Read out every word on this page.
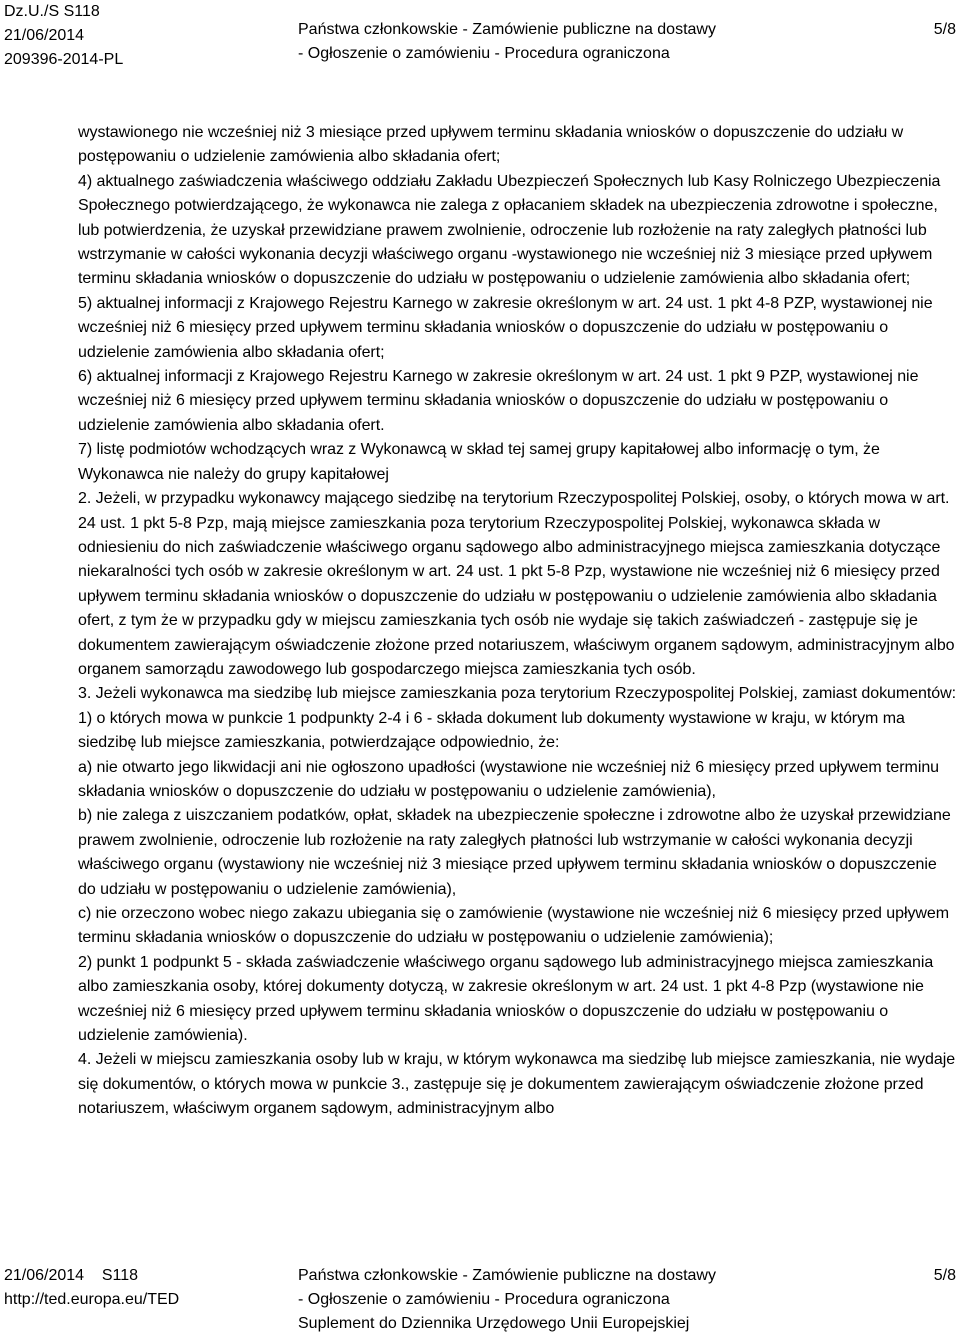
Dz.U./S S118
21/06/2014
209396-2014-PL
Państwa członkowskie - Zamówienie publiczne na dostawy
- Ogłoszenie o zamówieniu - Procedura ograniczona
5/8

wystawionego nie wcześniej niż 3 miesiące przed upływem terminu składania wniosków o dopuszczenie do udziału w postępowaniu o udzielenie zamówienia albo składania ofert;

4) aktualnego zaświadczenia właściwego oddziału Zakładu Ubezpieczeń Społecznych lub Kasy Rolniczego Ubezpieczenia Społecznego potwierdzającego, że wykonawca nie zalega z opłacaniem składek na ubezpieczenia zdrowotne i społeczne, lub potwierdzenia, że uzyskał przewidziane prawem zwolnienie, odroczenie lub rozłożenie na raty zaległych płatności lub wstrzymanie w całości wykonania decyzji właściwego organu -wystawionego nie wcześniej niż 3 miesiące przed upływem terminu składania wniosków o dopuszczenie do udziału w postępowaniu o udzielenie zamówienia albo składania ofert;

5) aktualnej informacji z Krajowego Rejestru Karnego w zakresie określonym w art. 24 ust. 1 pkt 4-8 PZP, wystawionej nie wcześniej niż 6 miesięcy przed upływem terminu składania wniosków o dopuszczenie do udziału w postępowaniu o udzielenie zamówienia albo składania ofert;

6) aktualnej informacji z Krajowego Rejestru Karnego w zakresie określonym w art. 24 ust. 1 pkt 9 PZP, wystawionej nie wcześniej niż 6 miesięcy przed upływem terminu składania wniosków o dopuszczenie do udziału w postępowaniu o udzielenie zamówienia albo składania ofert.

7) listę podmiotów wchodzących wraz z Wykonawcą w skład tej samej grupy kapitałowej albo informację o tym, że Wykonawca nie należy do grupy kapitałowej

2. Jeżeli, w przypadku wykonawcy mającego siedzibę na terytorium Rzeczypospolitej Polskiej, osoby, o których mowa w art. 24 ust. 1 pkt 5-8 Pzp, mają miejsce zamieszkania poza terytorium Rzeczypospolitej Polskiej, wykonawca składa w odniesieniu do nich zaświadczenie właściwego organu sądowego albo administracyjnego miejsca zamieszkania dotyczące niekaralności tych osób w zakresie określonym w art. 24 ust. 1 pkt 5-8 Pzp, wystawione nie wcześniej niż 6 miesięcy przed upływem terminu składania wniosków o dopuszczenie do udziału w postępowaniu o udzielenie zamówienia albo składania ofert, z tym że w przypadku gdy w miejscu zamieszkania tych osób nie wydaje się takich zaświadczeń - zastępuje się je dokumentem zawierającym oświadczenie złożone przed notariuszem, właściwym organem sądowym, administracyjnym albo organem samorządu zawodowego lub gospodarczego miejsca zamieszkania tych osób.

3. Jeżeli wykonawca ma siedzibę lub miejsce zamieszkania poza terytorium Rzeczypospolitej Polskiej, zamiast dokumentów:

1) o których mowa w punkcie 1 podpunkty 2-4 i 6 - składa dokument lub dokumenty wystawione w kraju, w którym ma siedzibę lub miejsce zamieszkania, potwierdzające odpowiednio, że:

a) nie otwarto jego likwidacji ani nie ogłoszono upadłości (wystawione nie wcześniej niż 6 miesięcy przed upływem terminu składania wniosków o dopuszczenie do udziału w postępowaniu o udzielenie zamówienia),

b) nie zalega z uiszczaniem podatków, opłat, składek na ubezpieczenie społeczne i zdrowotne albo że uzyskał przewidziane prawem zwolnienie, odroczenie lub rozłożenie na raty zaległych płatności lub wstrzymanie w całości wykonania decyzji właściwego organu (wystawiony nie wcześniej niż 3 miesiące przed upływem terminu składania wniosków o dopuszczenie do udziału w postępowaniu o udzielenie zamówienia),

c) nie orzeczono wobec niego zakazu ubiegania się o zamówienie (wystawione nie wcześniej niż 6 miesięcy przed upływem terminu składania wniosków o dopuszczenie do udziału w postępowaniu o udzielenie zamówienia);

2) punkt 1 podpunkt 5 - składa zaświadczenie właściwego organu sądowego lub administracyjnego miejsca zamieszkania albo zamieszkania osoby, której dokumenty dotyczą, w zakresie określonym w art. 24 ust. 1 pkt 4-8 Pzp (wystawione nie wcześniej niż 6 miesięcy przed upływem terminu składania wniosków o dopuszczenie do udziału w postępowaniu o udzielenie zamówienia).

4. Jeżeli w miejscu zamieszkania osoby lub w kraju, w którym wykonawca ma siedzibę lub miejsce zamieszkania, nie wydaje się dokumentów, o których mowa w punkcie 3., zastępuje się je dokumentem zawierającym oświadczenie złożone przed notariuszem, właściwym organem sądowym, administracyjnym albo

21/06/2014 S118
http://ted.europa.eu/TED
Państwa członkowskie - Zamówienie publiczne na dostawy
- Ogłoszenie o zamówieniu - Procedura ograniczona
Suplement do Dziennika Urzędowego Unii Europejskiej
5/8
